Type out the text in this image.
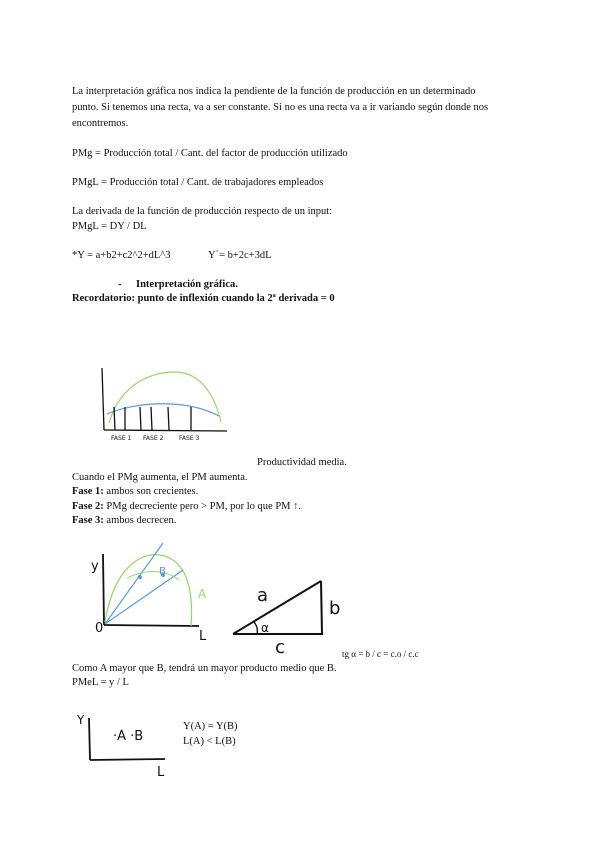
La interpretación gráfica nos indica la pendiente de la función de producción en un determinado
punto. Si tenemos una recta, va a ser constante. Si no es una recta va a ir variando según donde nos
encontremos.
PMg = Producción total / Cant. del factor de producción utilizado
PMgL = Producción total / Cant. de trabajadores empleados
La derivada de la función de producción respecto de un input:
PMgL = DY / DL
*Y = a+b2+c2^2+dL^3	Y´= b+2c+3dL
- Interpretación gráfica.
Recordatorio: punto de inflexión cuando la 2ª derivada = 0
FASE 1 FASE 2	FASE 3
Productividad media.
Cuando el PMg aumenta, el PM aumenta.
Fase 1: ambos son crecientes.
Fase 2: PMg decreciente pero > PM, por lo que PM ↑.
Fase 3: ambos decrecen.
y
0
L
A
B
a
b
c
α
tg α = b / c = c.o / c.c
Como A mayor que B, tendrá un mayor producto medio que B.
PMeL = y / L
Y
·A ·B
L
Y(A) = Y(B)
L(A) < L(B)
